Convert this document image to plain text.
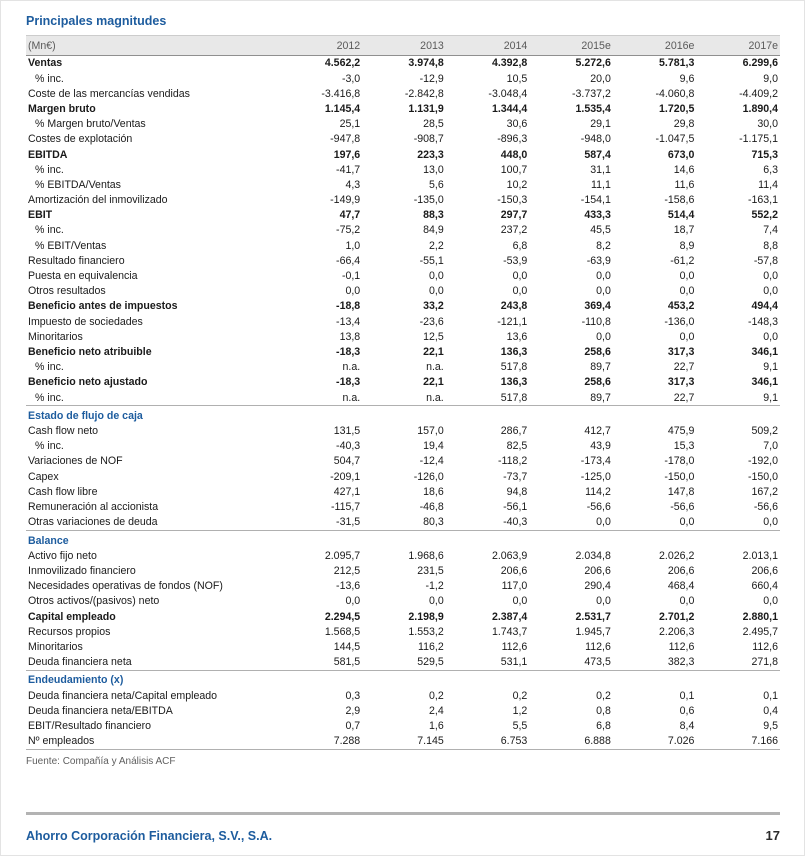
Principales magnitudes
(Mn€)	2012	2013	2014	2015e	2016e	2017e
Ventas	4.562,2	3.974,8	4.392,8	5.272,6	5.781,3	6.299,6
% inc.	-3,0	-12,9	10,5	20,0	9,6	9,0
Coste de las mercancías vendidas	-3.416,8	-2.842,8	-3.048,4	-3.737,2	-4.060,8	-4.409,2
Margen bruto	1.145,4	1.131,9	1.344,4	1.535,4	1.720,5	1.890,4
% Margen bruto/Ventas	25,1	28,5	30,6	29,1	29,8	30,0
Costes de explotación	-947,8	-908,7	-896,3	-948,0	-1.047,5	-1.175,1
EBITDA	197,6	223,3	448,0	587,4	673,0	715,3
% inc.	-41,7	13,0	100,7	31,1	14,6	6,3
% EBITDA/Ventas	4,3	5,6	10,2	11,1	11,6	11,4
Amortización del inmovilizado	-149,9	-135,0	-150,3	-154,1	-158,6	-163,1
EBIT	47,7	88,3	297,7	433,3	514,4	552,2
% inc.	-75,2	84,9	237,2	45,5	18,7	7,4
% EBIT/Ventas	1,0	2,2	6,8	8,2	8,9	8,8
Resultado financiero	-66,4	-55,1	-53,9	-63,9	-61,2	-57,8
Puesta en equivalencia	-0,1	0,0	0,0	0,0	0,0	0,0
Otros resultados	0,0	0,0	0,0	0,0	0,0	0,0
Beneficio antes de impuestos	-18,8	33,2	243,8	369,4	453,2	494,4
Impuesto de sociedades	-13,4	-23,6	-121,1	-110,8	-136,0	-148,3
Minoritarios	13,8	12,5	13,6	0,0	0,0	0,0
Beneficio neto atribuible	-18,3	22,1	136,3	258,6	317,3	346,1
% inc.	n.a.	n.a.	517,8	89,7	22,7	9,1
Beneficio neto ajustado	-18,3	22,1	136,3	258,6	317,3	346,1
% inc.	n.a.	n.a.	517,8	89,7	22,7	9,1
Estado de flujo de caja						
Cash flow neto	131,5	157,0	286,7	412,7	475,9	509,2
% inc.	-40,3	19,4	82,5	43,9	15,3	7,0
Variaciones de NOF	504,7	-12,4	-118,2	-173,4	-178,0	-192,0
Capex	-209,1	-126,0	-73,7	-125,0	-150,0	-150,0
Cash flow libre	427,1	18,6	94,8	114,2	147,8	167,2
Remuneración al accionista	-115,7	-46,8	-56,1	-56,6	-56,6	-56,6
Otras variaciones de deuda	-31,5	80,3	-40,3	0,0	0,0	0,0
Balance						
Activo fijo neto	2.095,7	1.968,6	2.063,9	2.034,8	2.026,2	2.013,1
Inmovilizado financiero	212,5	231,5	206,6	206,6	206,6	206,6
Necesidades operativas de fondos (NOF)	-13,6	-1,2	117,0	290,4	468,4	660,4
Otros activos/(pasivos) neto	0,0	0,0	0,0	0,0	0,0	0,0
Capital empleado	2.294,5	2.198,9	2.387,4	2.531,7	2.701,2	2.880,1
Recursos propios	1.568,5	1.553,2	1.743,7	1.945,7	2.206,3	2.495,7
Minoritarios	144,5	116,2	112,6	112,6	112,6	112,6
Deuda financiera neta	581,5	529,5	531,1	473,5	382,3	271,8
Endeudamiento (x)						
Deuda financiera neta/Capital empleado	0,3	0,2	0,2	0,2	0,1	0,1
Deuda financiera neta/EBITDA	2,9	2,4	1,2	0,8	0,6	0,4
EBIT/Resultado financiero	0,7	1,6	5,5	6,8	8,4	9,5
Nº empleados	7.288	7.145	6.753	6.888	7.026	7.166
Fuente: Compañía y Análisis ACF
Ahorro Corporación Financiera, S.V., S.A.	17
